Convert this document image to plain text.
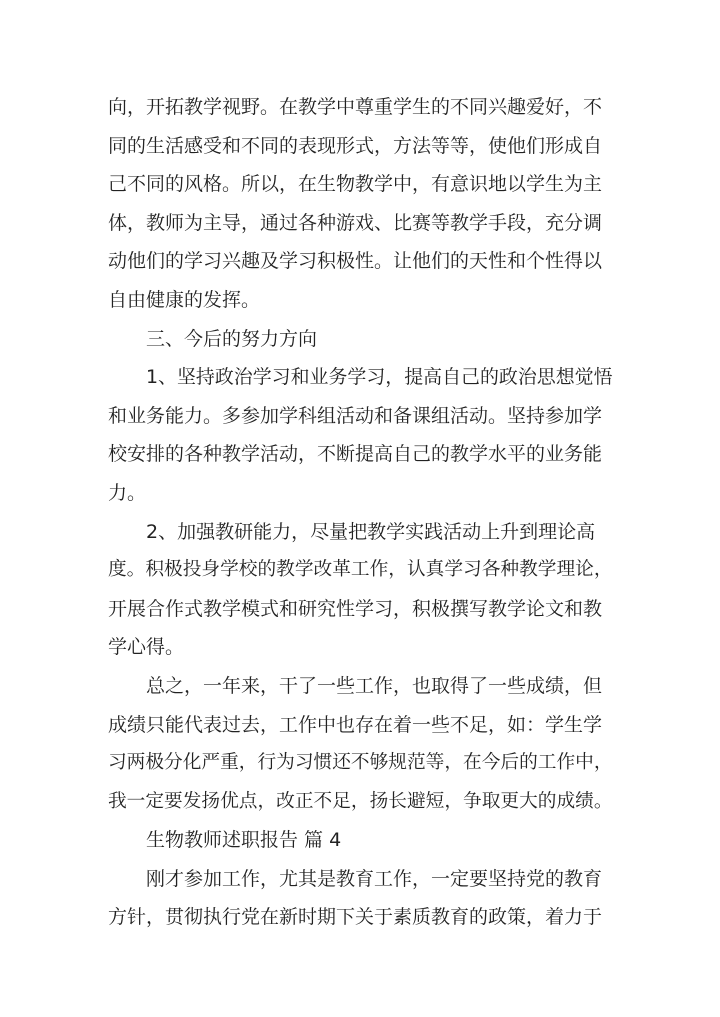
向，开拓教学视野。在教学中尊重学生的不同兴趣爱好，不
同的生活感受和不同的表现形式，方法等等，使他们形成自
己不同的风格。所以，在生物教学中，有意识地以学生为主
体，教师为主导，通过各种游戏、比赛等教学手段，充分调
动他们的学习兴趣及学习积极性。让他们的天性和个性得以
自由健康的发挥。
三、今后的努力方向
1、坚持政治学习和业务学习，提高自己的政治思想觉悟
和业务能力。多参加学科组活动和备课组活动。坚持参加学
校安排的各种教学活动，不断提高自己的教学水平的业务能
力。
2、加强教研能力，尽量把教学实践活动上升到理论高
度。积极投身学校的教学改革工作，认真学习各种教学理论，
开展合作式教学模式和研究性学习，积极撰写教学论文和教
学心得。
总之，一年来，干了一些工作，也取得了一些成绩，但
成绩只能代表过去，工作中也存在着一些不足，如：学生学
习两极分化严重，行为习惯还不够规范等，在今后的工作中，
我一定要发扬优点，改正不足，扬长避短，争取更大的成绩。
生物教师述职报告 篇 4
刚才参加工作，尤其是教育工作，一定要坚持党的教育
方针，贯彻执行党在新时期下关于素质教育的政策，着力于
